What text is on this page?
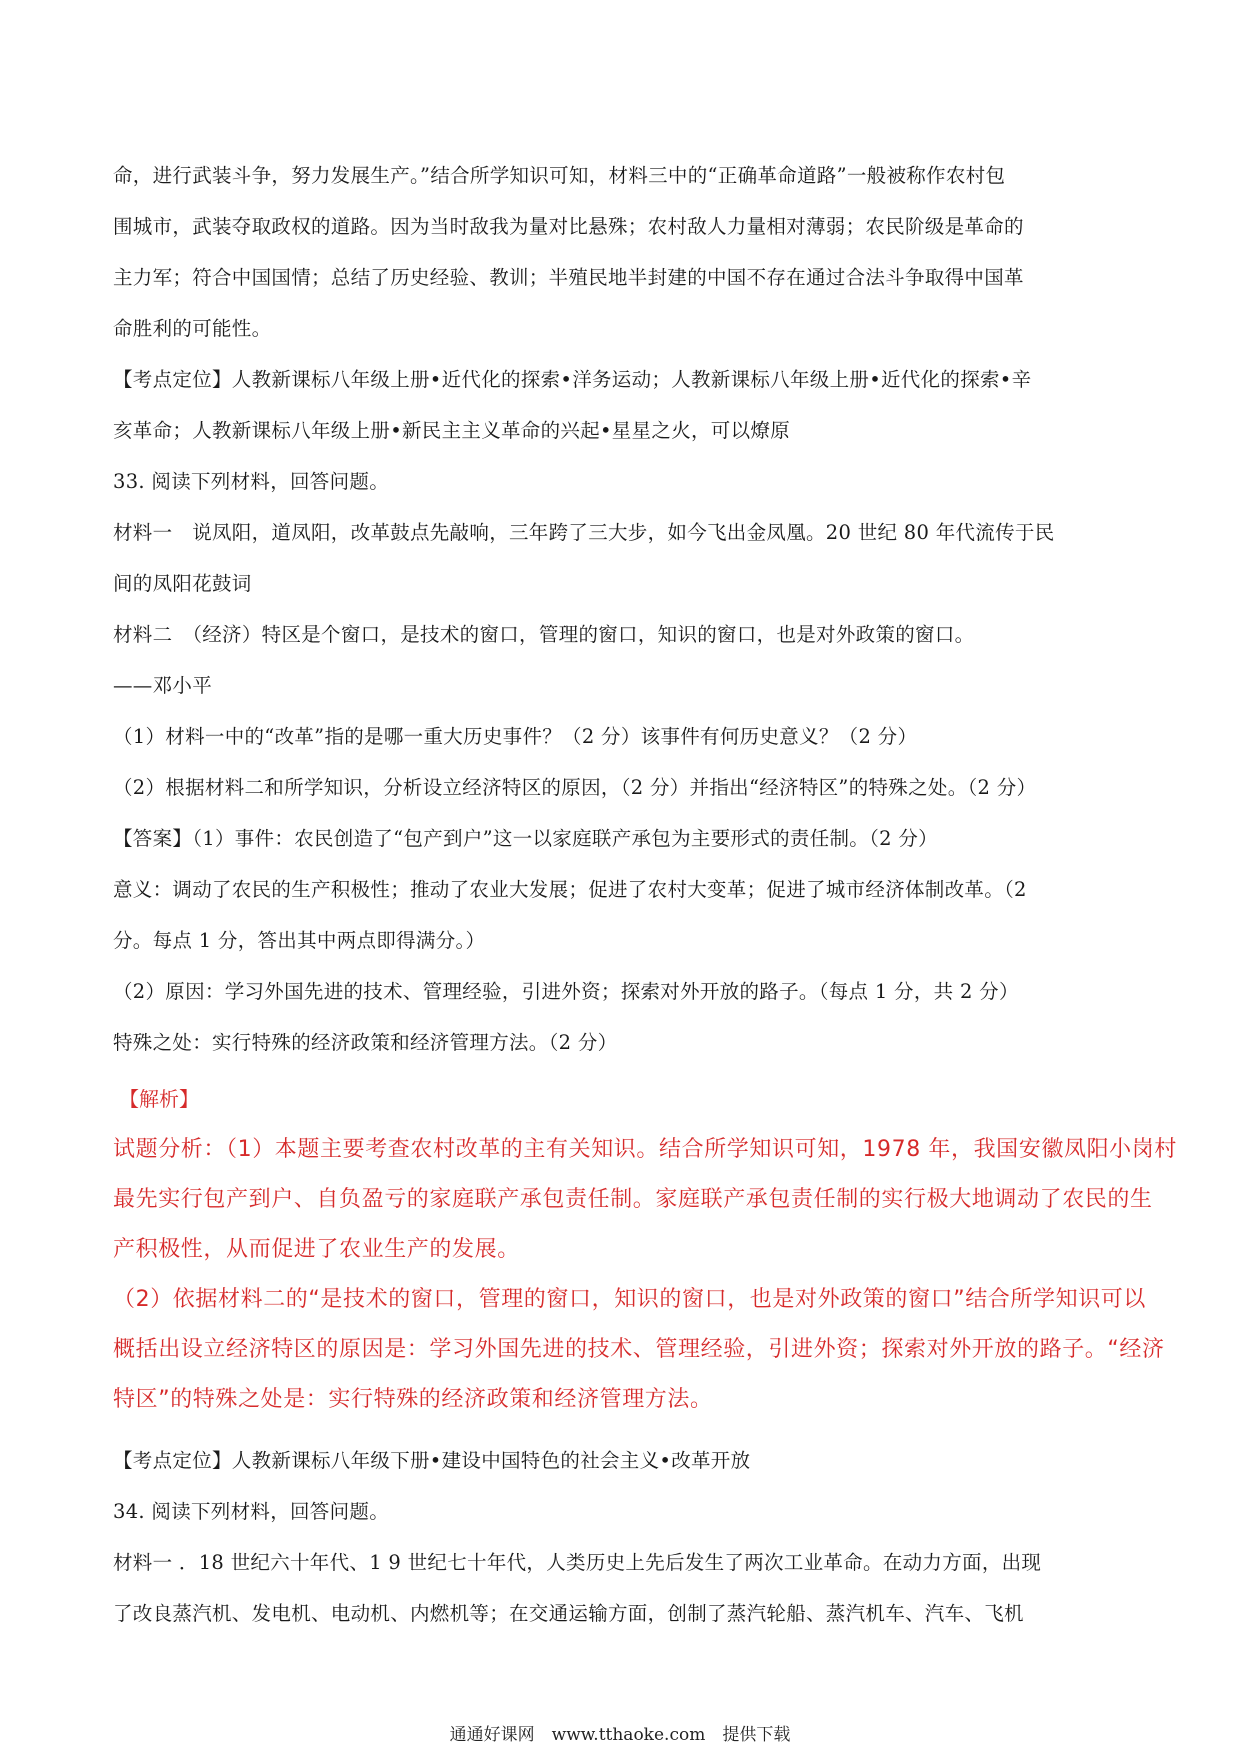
命，进行武装斗争，努力发展生产。”结合所学知识可知，材料三中的“正确革命道路”一般被称作农村包
围城市，武装夺取政权的道路。因为当时敌我为量对比悬殊；农村敌人力量相对薄弱；农民阶级是革命的
主力军；符合中国国情；总结了历史经验、教训；半殖民地半封建的中国不存在通过合法斗争取得中国革
命胜利的可能性。
【考点定位】人教新课标八年级上册•近代化的探索•洋务运动；人教新课标八年级上册•近代化的探索•辛
亥革命；人教新课标八年级上册•新民主主义革命的兴起•星星之火，可以燎原
33. 阅读下列材料，回答问题。
材料一　说凤阳，道凤阳，改革鼓点先敲响，三年跨了三大步，如今飞出金凤凰。20 世纪 80 年代流传于民
间的凤阳花鼓词
材料二　（经济）特区是个窗口，是技术的窗口，管理的窗口，知识的窗口，也是对外政策的窗口。
——邓小平
（1）材料一中的“改革”指的是哪一重大历史事件？（2 分）该事件有何历史意义？（2 分）
（2）根据材料二和所学知识，分析设立经济特区的原因，（2 分）并指出“经济特区”的特殊之处。（2 分）
【答案】（1）事件：农民创造了“包产到户”这一以家庭联产承包为主要形式的责任制。（2 分）
意义：调动了农民的生产积极性；推动了农业大发展；促进了农村大变革；促进了城市经济体制改革。（2
分。每点 1 分，答出其中两点即得满分。）
（2）原因：学习外国先进的技术、管理经验，引进外资；探索对外开放的路子。（每点 1 分，共 2 分）
特殊之处：实行特殊的经济政策和经济管理方法。（2 分）
【解析】
试题分析：（1）本题主要考查农村改革的主有关知识。结合所学知识可知，1978 年，我国安徽凤阳小岗村
最先实行包产到户、自负盈亏的家庭联产承包责任制。家庭联产承包责任制的实行极大地调动了农民的生
产积极性，从而促进了农业生产的发展。
（2）依据材料二的“是技术的窗口，管理的窗口，知识的窗口，也是对外政策的窗口”结合所学知识可以
概括出设立经济特区的原因是：学习外国先进的技术、管理经验，引进外资；探索对外开放的路子。“经济
特区”的特殊之处是：实行特殊的经济政策和经济管理方法。
【考点定位】人教新课标八年级下册•建设中国特色的社会主义•改革开放
34. 阅读下列材料，回答问题。
材料一 ．18 世纪六十年代、1 9 世纪七十年代，人类历史上先后发生了两次工业革命。在动力方面，出现
了改良蒸汽机、发电机、电动机、内燃机等；在交通运输方面，创制了蒸汽轮船、蒸汽机车、汽车、飞机
通通好课网　www.tthaoke.com　提供下载
